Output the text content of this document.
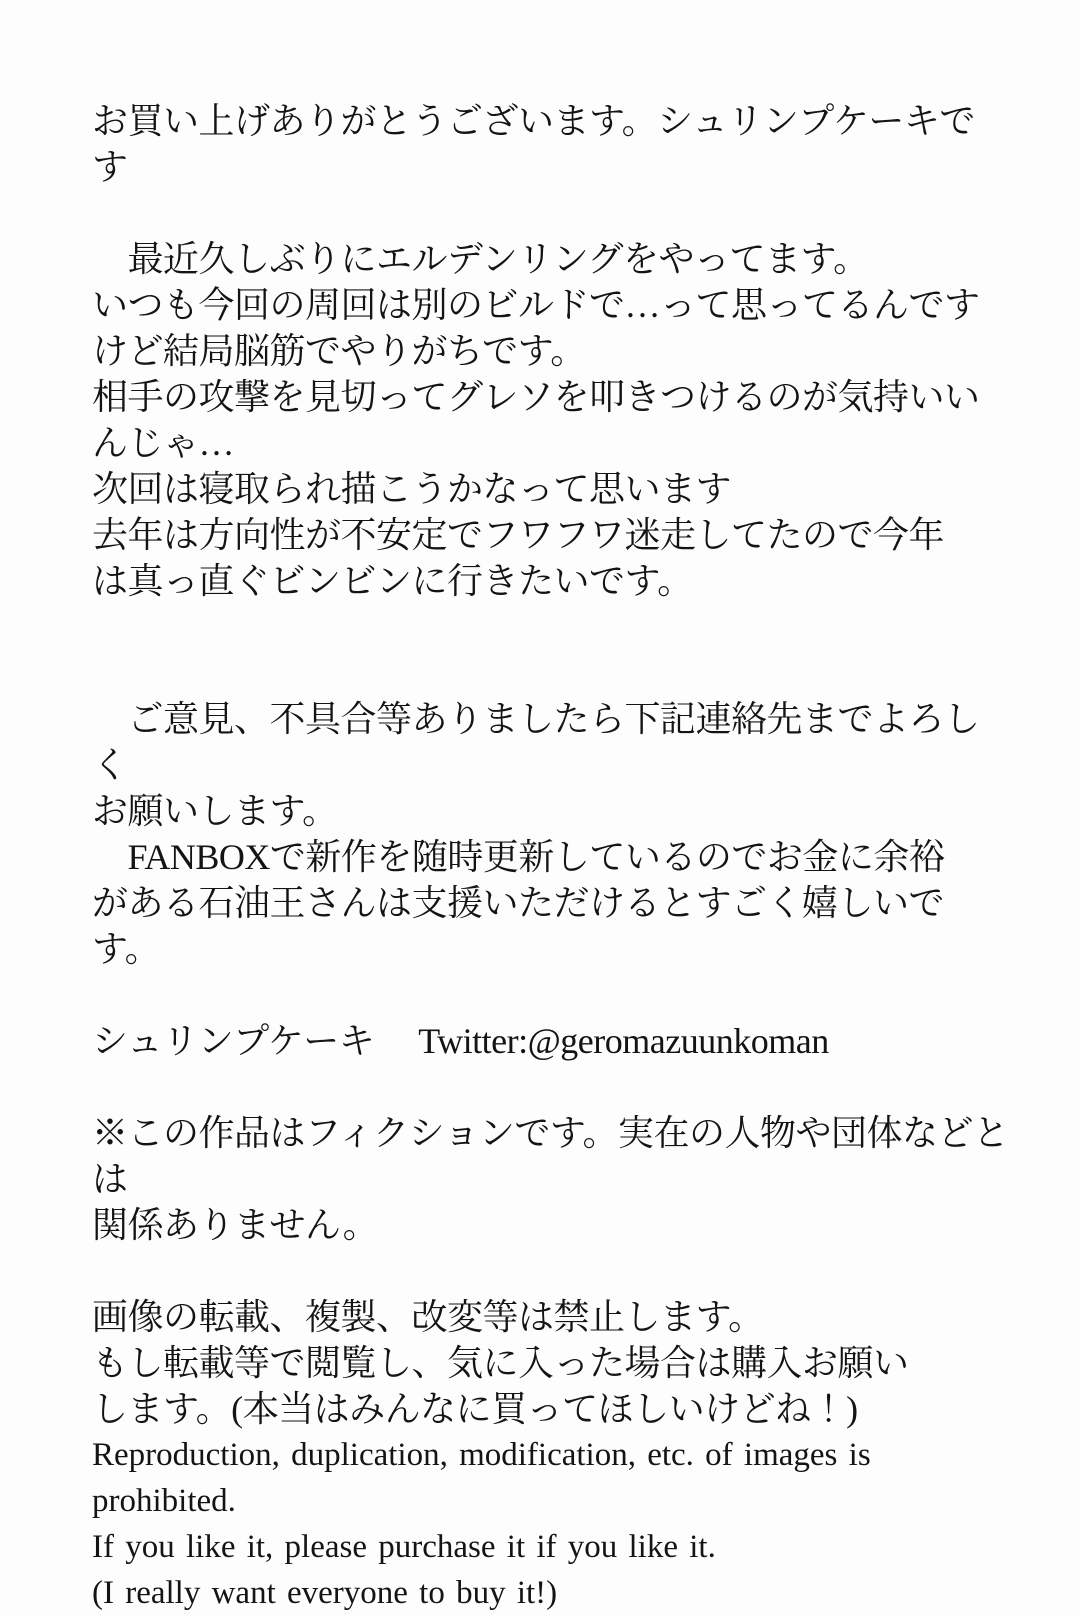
お買い上げありがとうございます。シュリンプケーキです
　最近久しぶりにエルデンリングをやってます。
いつも今回の周回は別のビルドで…って思ってるんです
けど結局脳筋でやりがちです。
相手の攻撃を見切ってグレソを叩きつけるのが気持いい
んじゃ…
次回は寝取られ描こうかなって思います
去年は方向性が不安定でフワフワ迷走してたので今年
は真っ直ぐビンビンに行きたいです。
　ご意見、不具合等ありましたら下記連絡先までよろしく
お願いします。
　FANBOXで新作を随時更新しているのでお金に余裕
がある石油王さんは支援いただけるとすごく嬉しいです。
シュリンプケーキ　 Twitter:@geromazuunkoman
※この作品はフィクションです。実在の人物や団体などとは
関係ありません。
画像の転載、複製、改変等は禁止します。
もし転載等で閲覧し、気に入った場合は購入お願い
します。(本当はみんなに買ってほしいけどね！)
Reproduction, duplication, modification, etc. of images is
prohibited.
If you like it, please purchase it if you like it.
(I really want everyone to buy it!)
